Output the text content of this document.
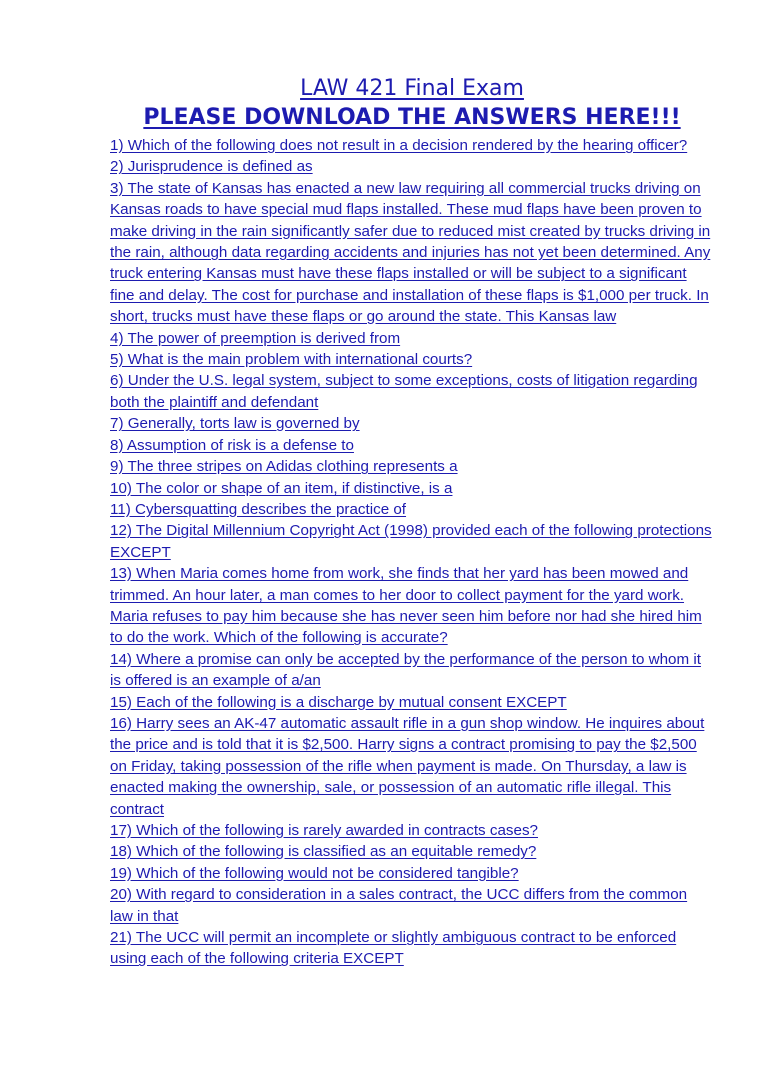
LAW 421 Final Exam
PLEASE DOWNLOAD THE ANSWERS HERE!!!
1) Which of the following does not result in a decision rendered by the hearing officer?
2) Jurisprudence is defined as
3) The state of Kansas has enacted a new law requiring all commercial trucks driving on Kansas roads to have special mud flaps installed. These mud flaps have been proven to make driving in the rain significantly safer due to reduced mist created by trucks driving in the rain, although data regarding accidents and injuries has not yet been determined. Any truck entering Kansas must have these flaps installed or will be subject to a significant fine and delay. The cost for purchase and installation of these flaps is $1,000 per truck. In short, trucks must have these flaps or go around the state. This Kansas law
4) The power of preemption is derived from
5) What is the main problem with international courts?
6) Under the U.S. legal system, subject to some exceptions, costs of litigation regarding both the plaintiff and defendant
7) Generally, torts law is governed by
8) Assumption of risk is a defense to
9) The three stripes on Adidas clothing represents a
10) The color or shape of an item, if distinctive, is a
11) Cybersquatting describes the practice of
12) The Digital Millennium Copyright Act (1998) provided each of the following protections EXCEPT
13) When Maria comes home from work, she finds that her yard has been mowed and trimmed. An hour later, a man comes to her door to collect payment for the yard work. Maria refuses to pay him because she has never seen him before nor had she hired him to do the work. Which of the following is accurate?
14) Where a promise can only be accepted by the performance of the person to whom it is offered is an example of a/an
15) Each of the following is a discharge by mutual consent EXCEPT
16) Harry sees an AK-47 automatic assault rifle in a gun shop window. He inquires about the price and is told that it is $2,500. Harry signs a contract promising to pay the $2,500 on Friday, taking possession of the rifle when payment is made. On Thursday, a law is enacted making the ownership, sale, or possession of an automatic rifle illegal. This contract
17) Which of the following is rarely awarded in contracts cases?
18) Which of the following is classified as an equitable remedy?
19) Which of the following would not be considered tangible?
20) With regard to consideration in a sales contract, the UCC differs from the common law in that
21) The UCC will permit an incomplete or slightly ambiguous contract to be enforced using each of the following criteria EXCEPT
